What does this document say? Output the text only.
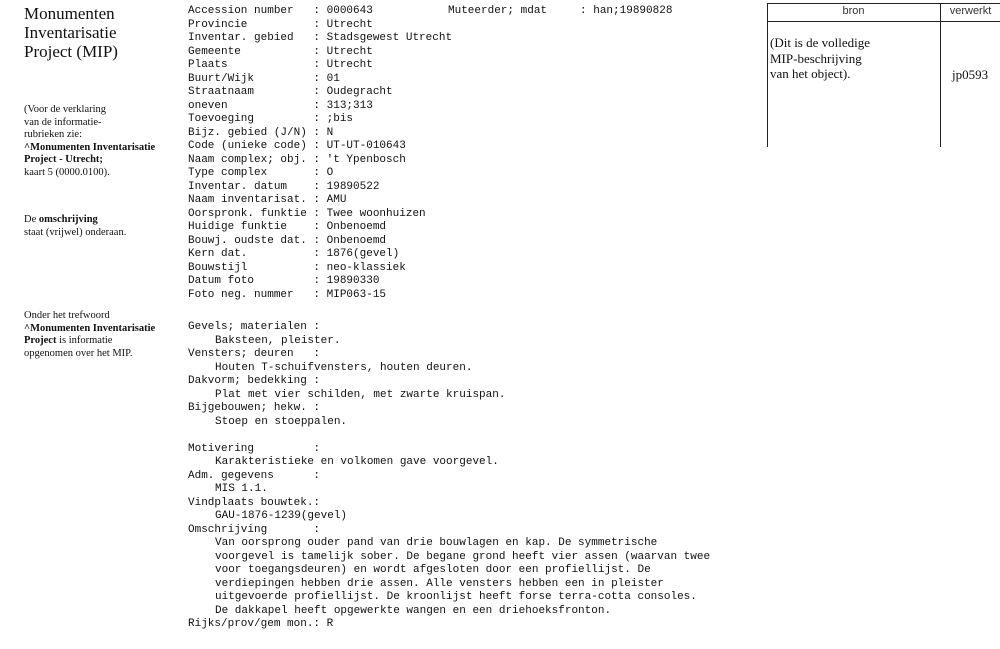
Monumenten
Inventarisatie
Project (MIP)
(Voor de verklaring
van de informatie-
rubrieken zie:
^Monumenten Inventarisatie
Project - Utrecht;
kaart 5 (0000.0100).
De omschrijving
staat (vrijwel) onderaan.
Onder het trefwoord
^Monumenten Inventarisatie
Project is informatie
opgenomen over het MIP.
Accession number   : 0000643
Provincie          : Utrecht
Inventar. gebied   : Stadsgewest Utrecht
Gemeente           : Utrecht
Plaats             : Utrecht
Buurt/Wijk         : 01
Straatnaam         : Oudegracht
oneven             : 313;313
Toevoeging         : ;bis
Bijz. gebied (J/N) : N
Code (unieke code) : UT-UT-010643
Naam complex; obj. : 't Ypenbosch
Type complex       : O
Inventar. datum    : 19890522
Naam inventarisat. : AMU
Oorspronk. funktie : Twee woonhuizen
Huidige funktie    : Onbenoemd
Bouwj. oudste dat. : Onbenoemd
Kern dat.          : 1876(gevel)
Bouwstijl          : neo-klassiek
Datum foto         : 19890330
Foto neg. nummer   : MIP063-15
Muteerder; mdat     : han;19890828
Gevels; materialen :
Baksteen, pleister.
Vensters; deuren   :
Houten T-schuifvensters, houten deuren.
Dakvorm; bedekking :
Plat met vier schilden, met zwarte kruispan.
Bijgebouwen; hekw. :
Stoep en stoeppalen.
Motivering         :
Karakteristieke en volkomen gave voorgevel.
Adm. gegevens      :
MIS 1.1.
Vindplaats bouwtek.:
GAU-1876-1239(gevel)
Omschrijving       :
Van oorsprong ouder pand van drie bouwlagen en kap. De symmetrische
voorgevel is tamelijk sober. De begane grond heeft vier assen (waarvan twee
voor toegangsdeuren) en wordt afgesloten door een profiellijst. De
verdiepingen hebben drie assen. Alle vensters hebben een in pleister
uitgevoerde profiellijst. De kroonlijst heeft forse terra-cotta consoles.
De dakkapel heeft opgewerkte wangen en een driehoeksfronton.
Rijks/prov/gem mon.: R
bron	verwerkt
(Dit is de volledige
MIP-beschrijving
van het object).	jp0593
